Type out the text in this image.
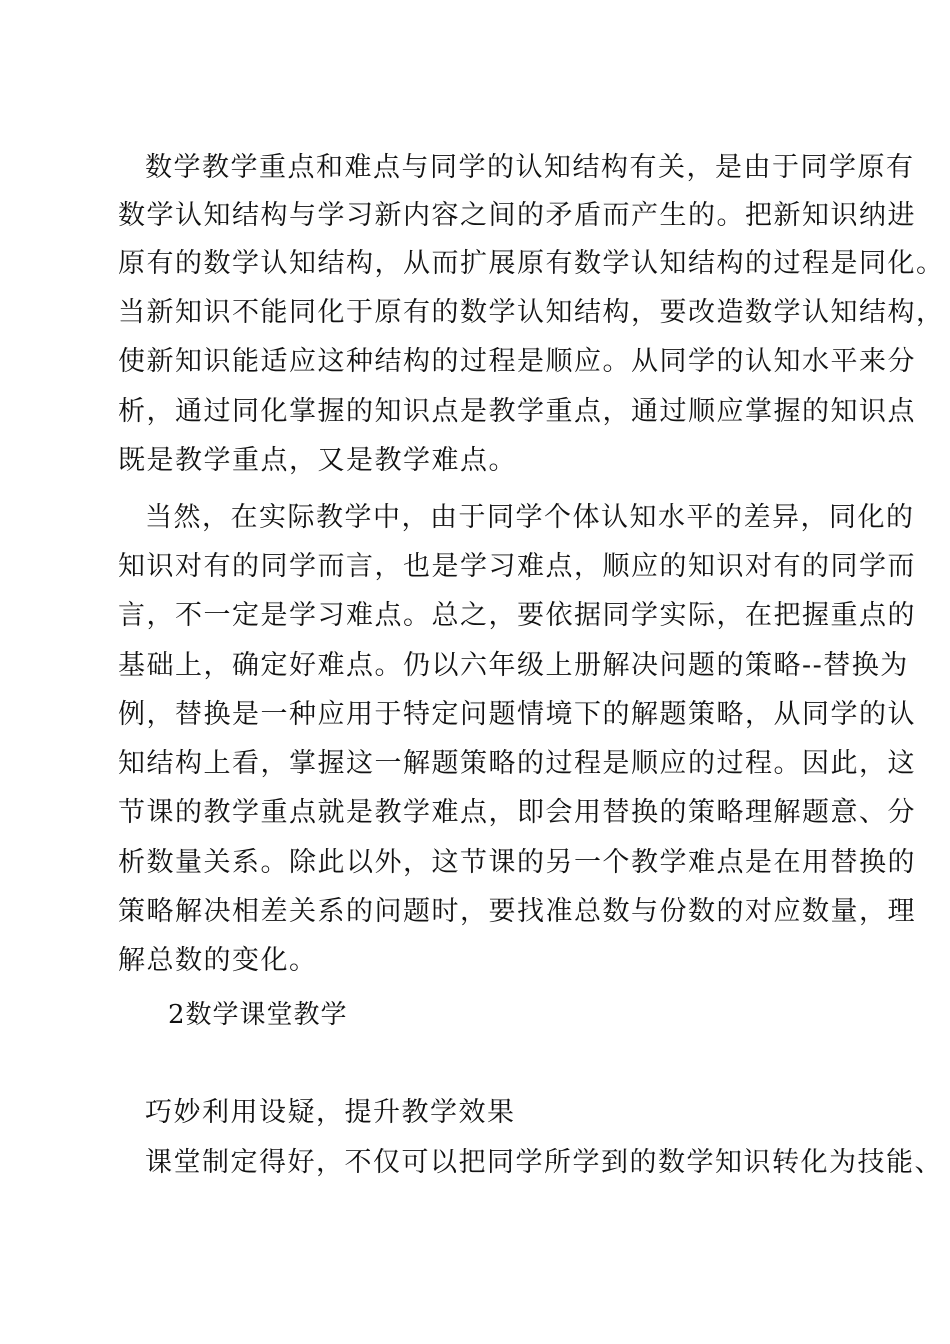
数学教学重点和难点与同学的认知结构有关，是由于同学原有
数学认知结构与学习新内容之间的矛盾而产生的。把新知识纳进
原有的数学认知结构，从而扩展原有数学认知结构的过程是同化。
当新知识不能同化于原有的数学认知结构，要改造数学认知结构，
使新知识能适应这种结构的过程是顺应。从同学的认知水平来分
析，通过同化掌握的知识点是教学重点，通过顺应掌握的知识点
既是教学重点，又是教学难点。
当然，在实际教学中，由于同学个体认知水平的差异，同化的
知识对有的同学而言，也是学习难点，顺应的知识对有的同学而
言，不一定是学习难点。总之，要依据同学实际，在把握重点的
基础上，确定好难点。仍以六年级上册解决问题的策略--替换为
例，替换是一种应用于特定问题情境下的解题策略，从同学的认
知结构上看，掌握这一解题策略的过程是顺应的过程。因此，这
节课的教学重点就是教学难点，即会用替换的策略理解题意、分
析数量关系。除此以外，这节课的另一个教学难点是在用替换的
策略解决相差关系的问题时，要找准总数与份数的对应数量，理
解总数的变化。
2数学课堂教学
巧妙利用设疑，提升教学效果
课堂制定得好，不仅可以把同学所学到的数学知识转化为技能、
